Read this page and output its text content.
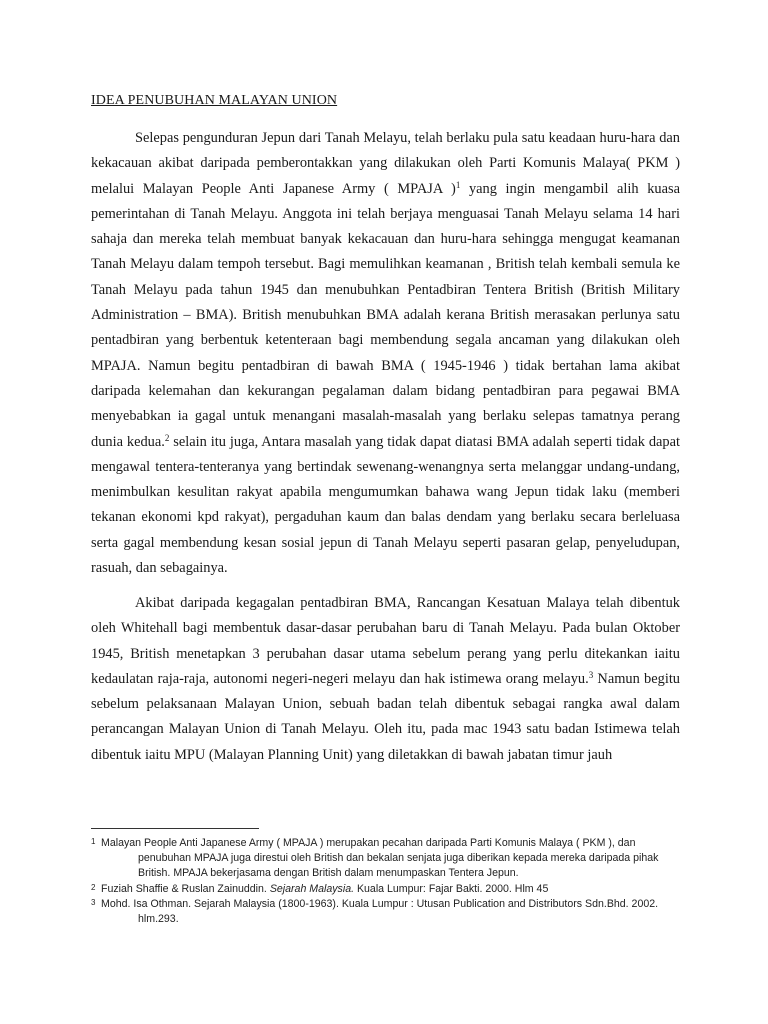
IDEA PENUBUHAN MALAYAN UNION

Selepas pengunduran Jepun dari Tanah Melayu, telah berlaku pula satu keadaan huru-hara dan kekacauan akibat daripada pemberontakkan yang dilakukan oleh Parti Komunis Malaya( PKM ) melalui Malayan People Anti Japanese Army ( MPAJA )$^1$ yang ingin mengambil alih kuasa pemerintahan di Tanah Melayu. Anggota ini telah berjaya menguasai Tanah Melayu selama 14 hari sahaja dan mereka telah membuat banyak kekacauan dan huru-hara sehingga mengugat keamanan Tanah Melayu dalam tempoh tersebut. Bagi memulihkan keamanan , British telah kembali semula ke Tanah Melayu pada tahun 1945 dan menubuhkan Pentadbiran Tentera British (British Military Administration – BMA). British menubuhkan BMA adalah kerana British merasakan perlunya satu pentadbiran yang berbentuk ketenteraan bagi membendung segala ancaman yang dilakukan oleh MPAJA. Namun begitu pentadbiran di bawah BMA ( 1945-1946 ) tidak bertahan lama akibat daripada kelemahan dan kekurangan pegalaman dalam bidang pentadbiran para pegawai BMA menyebabkan ia gagal untuk menangani masalah-masalah yang berlaku selepas tamatnya perang dunia kedua.$^2$ selain itu juga, Antara masalah yang tidak dapat diatasi BMA adalah seperti tidak dapat mengawal tentera-tenteranya yang bertindak sewenang-wenangnya serta melanggar undang-undang, menimbulkan kesulitan rakyat apabila mengumumkan bahawa wang Jepun tidak laku (memberi tekanan ekonomi kpd rakyat), pergaduhan kaum dan balas dendam yang berlaku secara berleluasa serta gagal membendung kesan sosial jepun di Tanah Melayu seperti pasaran gelap, penyeludupan, rasuah, dan sebagainya.

Akibat daripada kegagalan pentadbiran BMA, Rancangan Kesatuan Malaya telah dibentuk oleh Whitehall bagi membentuk dasar-dasar perubahan baru di Tanah Melayu. Pada bulan Oktober 1945, British menetapkan 3 perubahan dasar utama sebelum perang yang perlu ditekankan iaitu kedaulatan raja-raja, autonomi negeri-negeri melayu dan hak istimewa orang melayu.$^3$ Namun begitu sebelum pelaksanaan Malayan Union, sebuah badan telah dibentuk sebagai rangka awal dalam perancangan Malayan Union di Tanah Melayu. Oleh itu, pada mac 1943 satu badan Istimewa telah dibentuk iaitu MPU (Malayan Planning Unit) yang diletakkan di bawah jabatan timur jauh

1 Malayan People Anti Japanese Army ( MPAJA ) merupakan pecahan daripada Parti Komunis Malaya ( PKM ), dan penubuhan MPAJA juga direstui oleh British dan bekalan senjata juga diberikan kepada mereka daripada pihak British. MPAJA bekerjasama dengan British dalam menumpaskan Tentera Jepun.

2 Fuziah Shaffie & Ruslan Zainuddin. Sejarah Malaysia. Kuala Lumpur: Fajar Bakti. 2000. Hlm 45

3 Mohd. Isa Othman. Sejarah Malaysia (1800-1963). Kuala Lumpur : Utusan Publication and Distributors Sdn.Bhd. 2002. hlm.293.
